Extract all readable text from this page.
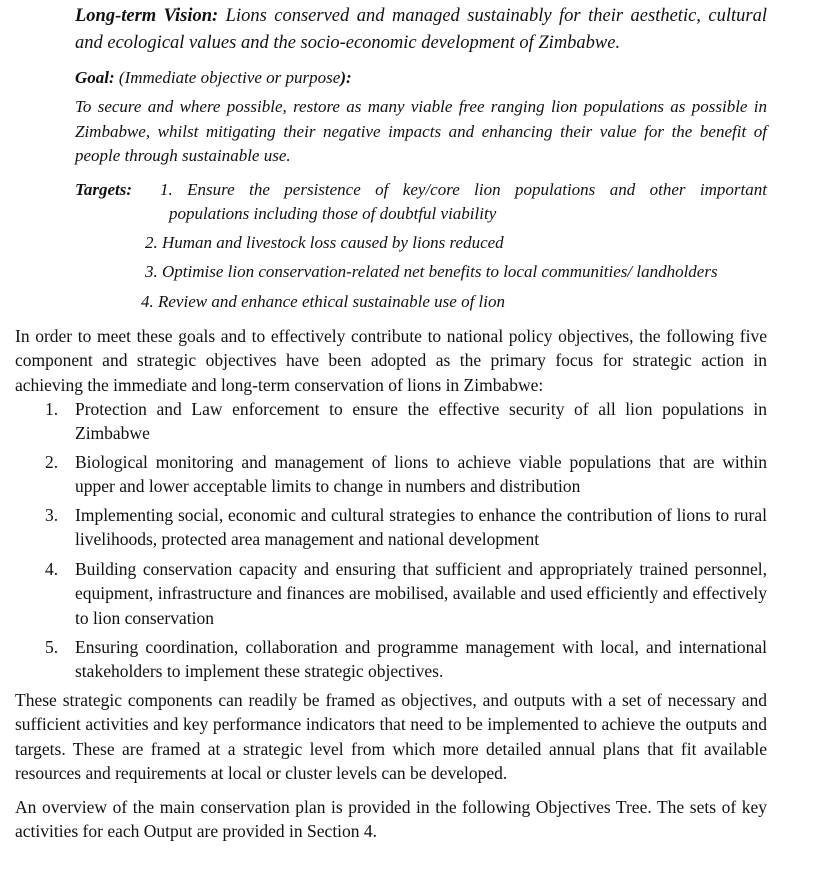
Long-term Vision: Lions conserved and managed sustainably for their aesthetic, cultural and ecological values and the socio-economic development of Zimbabwe.
Goal: (Immediate objective or purpose):
To secure and where possible, restore as many viable free ranging lion populations as possible in Zimbabwe, whilst mitigating their negative impacts and enhancing their value for the benefit of people through sustainable use.
Targets: 1. Ensure the persistence of key/core lion populations and other important
populations including those of doubtful viability
2. Human and livestock loss caused by lions reduced
3. Optimise lion conservation-related net benefits to local communities/ landholders
4. Review and enhance ethical sustainable use of lion
In order to meet these goals and to effectively contribute to national policy objectives, the following five component and strategic objectives have been adopted as the primary focus for strategic action in achieving the immediate and long-term conservation of lions in Zimbabwe:
1. Protection and Law enforcement to ensure the effective security of all lion populations in Zimbabwe
2. Biological monitoring and management of lions to achieve viable populations that are within upper and lower acceptable limits to change in numbers and distribution
3. Implementing social, economic and cultural strategies to enhance the contribution of lions to rural livelihoods, protected area management and national development
4. Building conservation capacity and ensuring that sufficient and appropriately trained personnel, equipment, infrastructure and finances are mobilised, available and used efficiently and effectively to lion conservation
5. Ensuring coordination, collaboration and programme management with local, and international stakeholders to implement these strategic objectives.
These strategic components can readily be framed as objectives, and outputs with a set of necessary and sufficient activities and key performance indicators that need to be implemented to achieve the outputs and targets. These are framed at a strategic level from which more detailed annual plans that fit available resources and requirements at local or cluster levels can be developed.
An overview of the main conservation plan is provided in the following Objectives Tree. The sets of key activities for each Output are provided in Section 4.
